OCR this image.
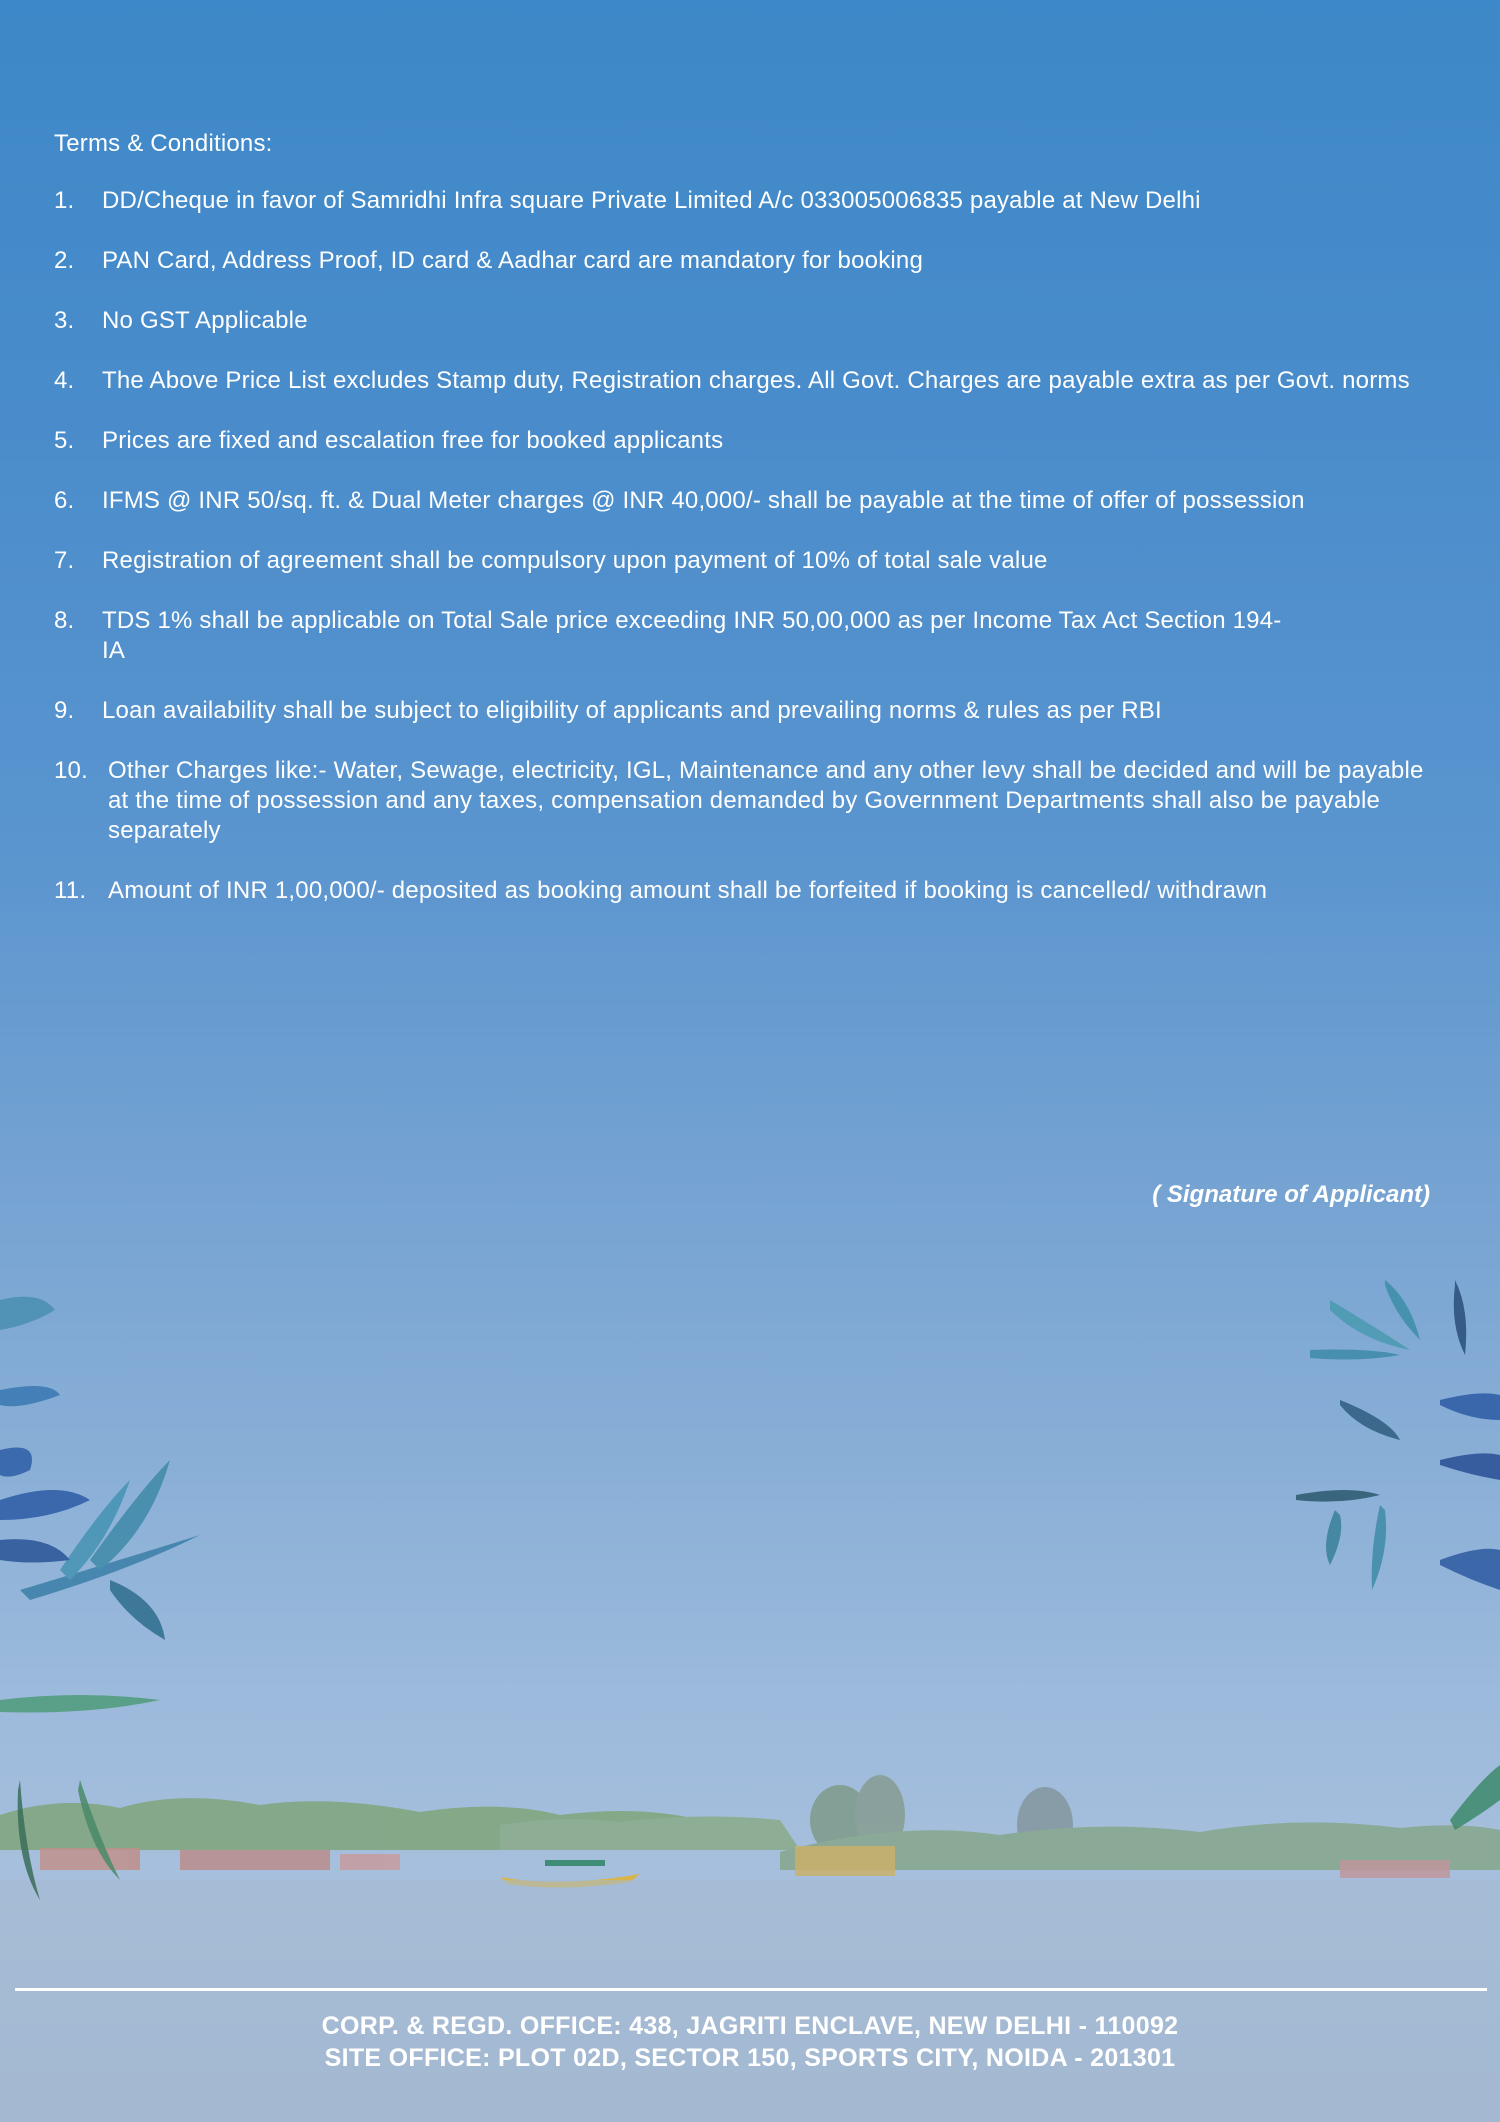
Terms & Conditions:
1.	DD/Cheque in favor of Samridhi Infra square Private Limited A/c 033005006835 payable at New Delhi
2.	PAN Card, Address Proof, ID card & Aadhar card are mandatory for booking
3.	No GST Applicable
4.	The Above Price List excludes Stamp duty, Registration charges. All Govt. Charges are payable extra as per Govt. norms
5.	Prices are fixed and escalation free for booked applicants
6.	IFMS @ INR 50/sq. ft. & Dual Meter charges @ INR 40,000/- shall be payable at the time of offer of possession
7.	Registration of agreement shall be compulsory upon payment of 10% of total sale value
8.	TDS 1% shall be applicable on Total Sale price exceeding INR 50,00,000 as per Income Tax Act Section 194-IA
9.	Loan availability shall be subject to eligibility of applicants and prevailing norms & rules as per RBI
10. Other Charges like:- Water, Sewage, electricity, IGL, Maintenance and any other levy shall be decided and will be payable at the time of possession and any taxes, compensation demanded by Government Departments shall also be payable separately
11. Amount of INR 1,00,000/- deposited as booking amount shall be forfeited if booking is cancelled/ withdrawn
( Signature of Applicant)
CORP. & REGD. OFFICE: 438, JAGRITI ENCLAVE, NEW DELHI - 110092
SITE OFFICE: PLOT 02D, SECTOR 150, SPORTS CITY, NOIDA - 201301
